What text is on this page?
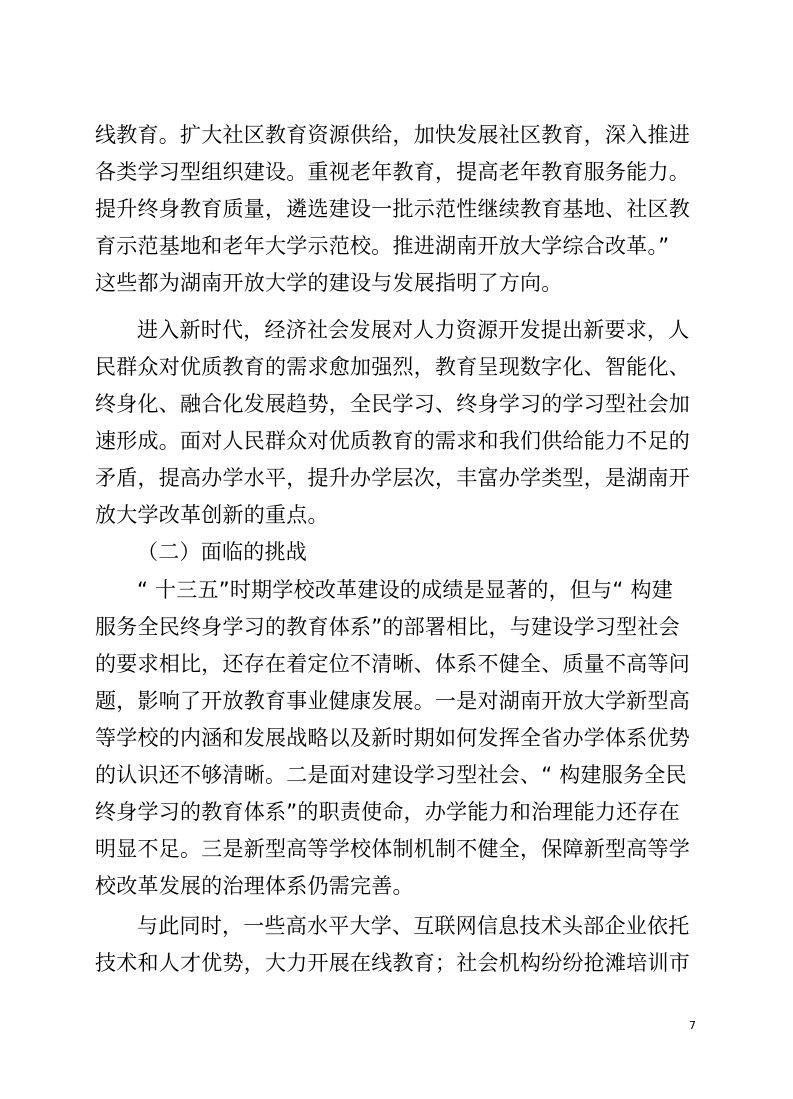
线教育。扩大社区教育资源供给，加快发展社区教育，深入推进
各类学习型组织建设。重视老年教育，提高老年教育服务能力。
提升终身教育质量，遴选建设一批示范性继续教育基地、社区教
育示范基地和老年大学示范校。推进湖南开放大学综合改革。”
这些都为湖南开放大学的建设与发展指明了方向。
进入新时代，经济社会发展对人力资源开发提出新要求，人
民群众对优质教育的需求愈加强烈，教育呈现数字化、智能化、
终身化、融合化发展趋势，全民学习、终身学习的学习型社会加
速形成。面对人民群众对优质教育的需求和我们供给能力不足的
矛盾，提高办学水平，提升办学层次，丰富办学类型，是湖南开
放大学改革创新的重点。
（二）面临的挑战
“ 十三五”时期学校改革建设的成绩是显著的，但与“ 构建
服务全民终身学习的教育体系”的部署相比，与建设学习型社会
的要求相比，还存在着定位不清晰、体系不健全、质量不高等问
题，影响了开放教育事业健康发展。一是对湖南开放大学新型高
等学校的内涵和发展战略以及新时期如何发挥全省办学体系优势
的认识还不够清晰。二是面对建设学习型社会、“ 构建服务全民
终身学习的教育体系”的职责使命，办学能力和治理能力还存在
明显不足。三是新型高等学校体制机制不健全，保障新型高等学
校改革发展的治理体系仍需完善。
与此同时，一些高水平大学、互联网信息技术头部企业依托
技术和人才优势，大力开展在线教育；社会机构纷纷抢滩培训市
7
